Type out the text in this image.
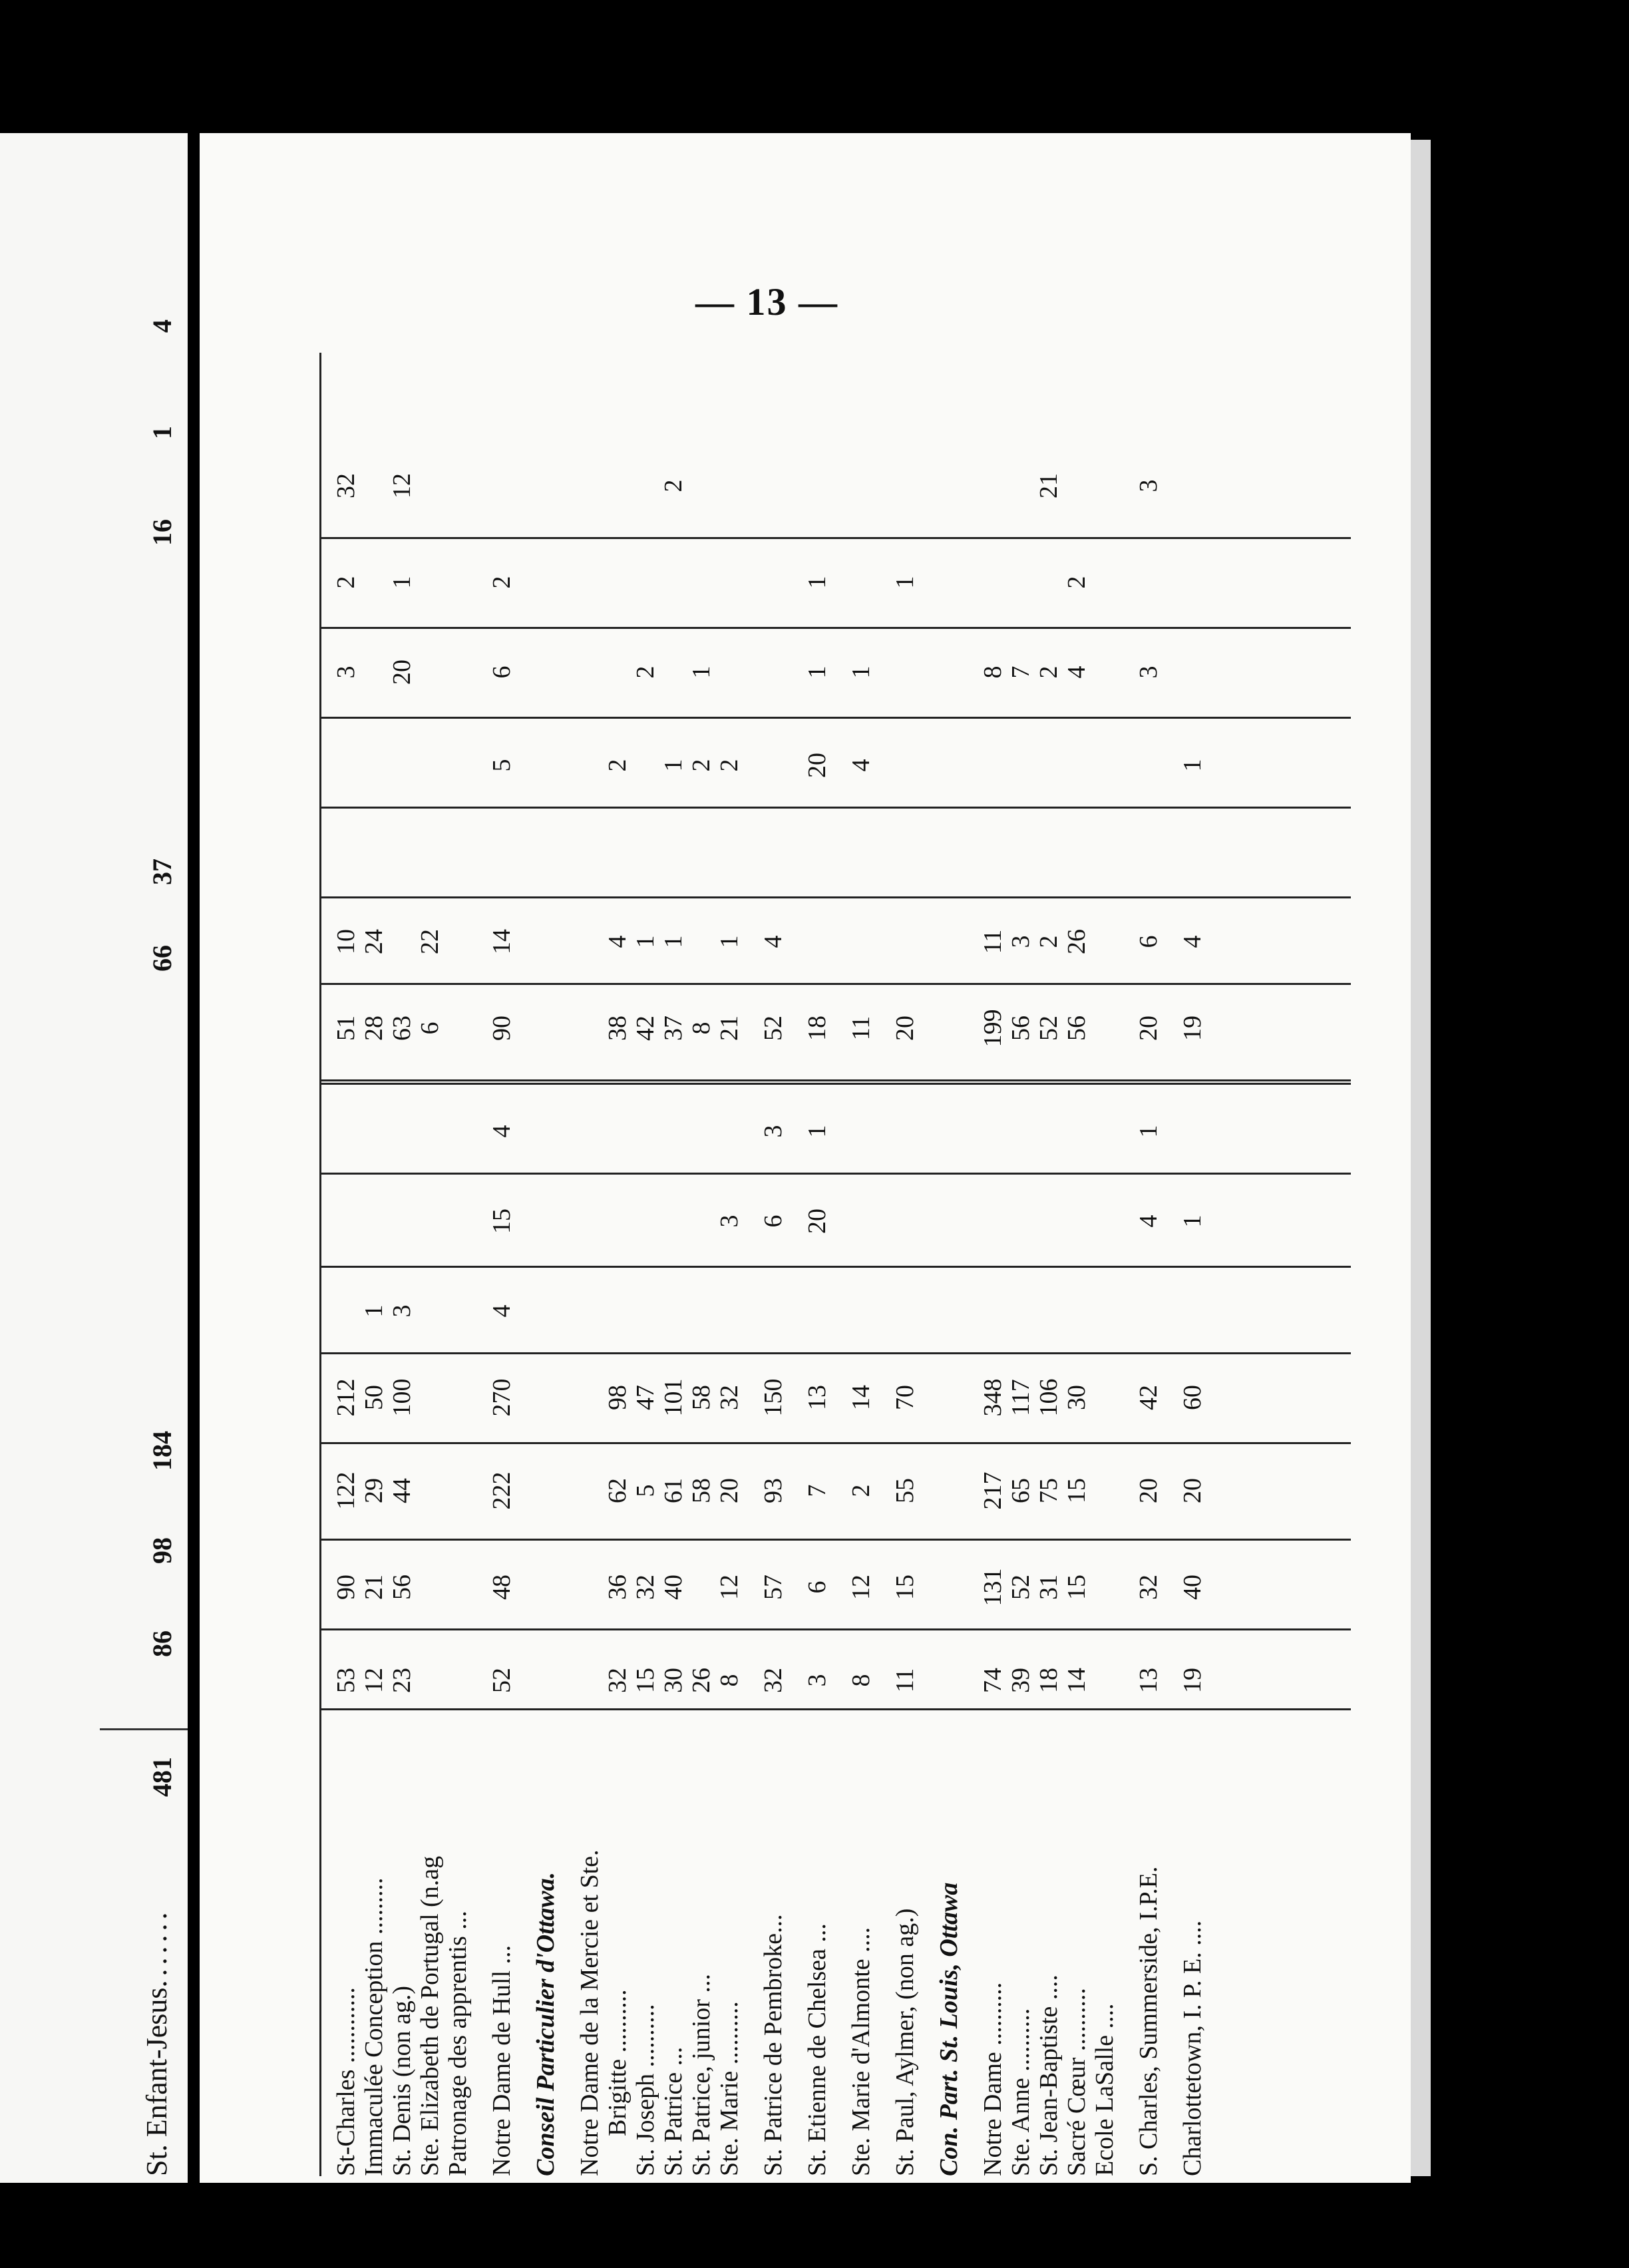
St. Enfant-Jesus.......
481
86
98
184
66
37
16
1
4
— 13 —
St-Charles ............
53
90
122
212
51
10
3
2
32
Immaculée Conception .........
12
21
29
50
1
28
24
St. Denis (non ag.)
23
56
44
100
3
63
20
1
12
Ste. Elizabeth de Portugal (n.ag
6
22
Patronage des apprentis ... Notre Dame de Hull ...
52
48
222
270
4
15
4
90
14
5
6
2
Conseil Particulier d'Ottawa. Notre Dame de la Mercie et Ste. Brigitte ..........
32
36
62
98
38
4
2
St. Joseph ..........
15
32
5
47
42
1
2
St. Patrice ...
30
40
61
101
37
1
1
2
St. Patrice, junior ...
26
58
58
8
2
1
Ste. Marie ..........
8
12
20
32
3
21
1
2
St. Patrice de Pembroke...
32
57
93
150
6
3
52
4
St. Etienne de Chelsea ...
3
6
7
13
20
1
18
20
1
1
Ste. Marie d'Almonte ....
8
12
2
14
11
4
1
St. Paul, Aylmer, (non ag.)
11
15
55
70
20
1
Con. Part. St. Louis, Ottawa Notre Dame ..........
74
131
217
348
199
11
8
Ste. Anne ..........
39
52
65
117
56
3
7
St. Jean-Baptiste ....
18
31
75
106
52
2
2
21
Sacré Cœur ..........
14
15
15
30
56
26
4
2
Ecole LaSalle .... S. Charles, Summerside, I.P.E.
13
32
20
42
4
1
20
6
3
3
Charlottetown, I. P. E. ....
19
40
20
60
1
19
4
1
